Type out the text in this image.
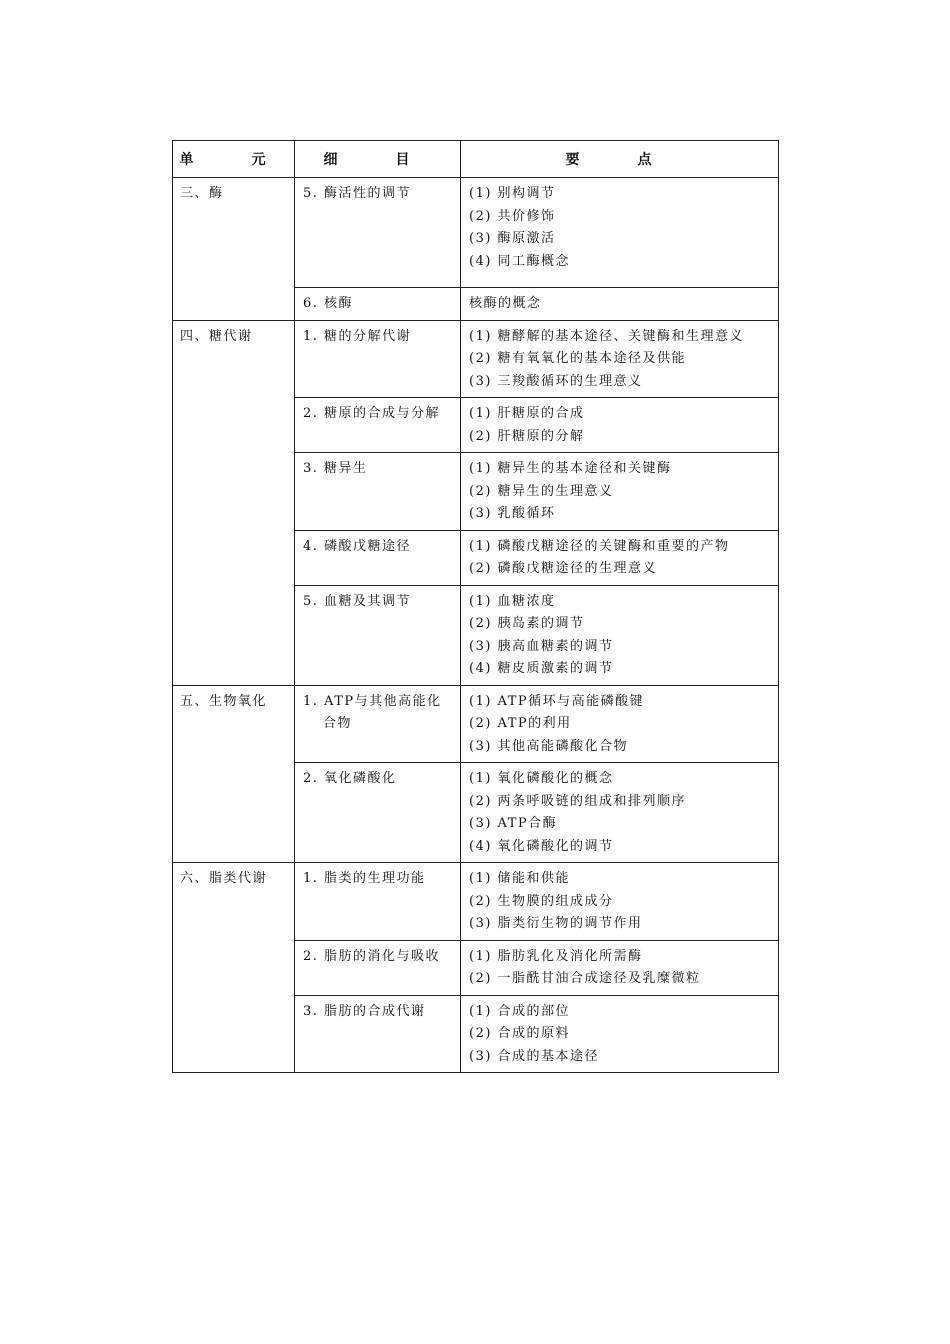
单　元	细　目	要　点
三、酶	5. 酶活性的调节	(1) 别构调节
(2) 共价修饰
(3) 酶原激活
(4) 同工酶概念

	6. 核酶	核酶的概念

四、糖代谢	1. 糖的分解代谢	(1) 糖酵解的基本途径、关键酶和生理意义
(2) 糖有氧氧化的基本途径及供能
(3) 三羧酸循环的生理意义

	2. 糖原的合成与分解	(1) 肝糖原的合成
(2) 肝糖原的分解

	3. 糖异生	(1) 糖异生的基本途径和关键酶
(2) 糖异生的生理意义
(3) 乳酸循环

	4. 磷酸戊糖途径	(1) 磷酸戊糖途径的关键酶和重要的产物
(2) 磷酸戊糖途径的生理意义

	5. 血糖及其调节	(1) 血糖浓度
(2) 胰岛素的调节
(3) 胰高血糖素的调节
(4) 糖皮质激素的调节

五、生物氧化	1. ATP与其他高能化合物	(1) ATP循环与高能磷酸键
(2) ATP的利用
(3) 其他高能磷酸化合物

	2. 氧化磷酸化	(1) 氧化磷酸化的概念
(2) 两条呼吸链的组成和排列顺序
(3) ATP合酶
(4) 氧化磷酸化的调节

六、脂类代谢	1. 脂类的生理功能	(1) 储能和供能
(2) 生物膜的组成成分
(3) 脂类衍生物的调节作用

	2. 脂肪的消化与吸收	(1) 脂肪乳化及消化所需酶
(2) 一脂酰甘油合成途径及乳糜微粒

	3. 脂肪的合成代谢	(1) 合成的部位
(2) 合成的原料
(3) 合成的基本途径
